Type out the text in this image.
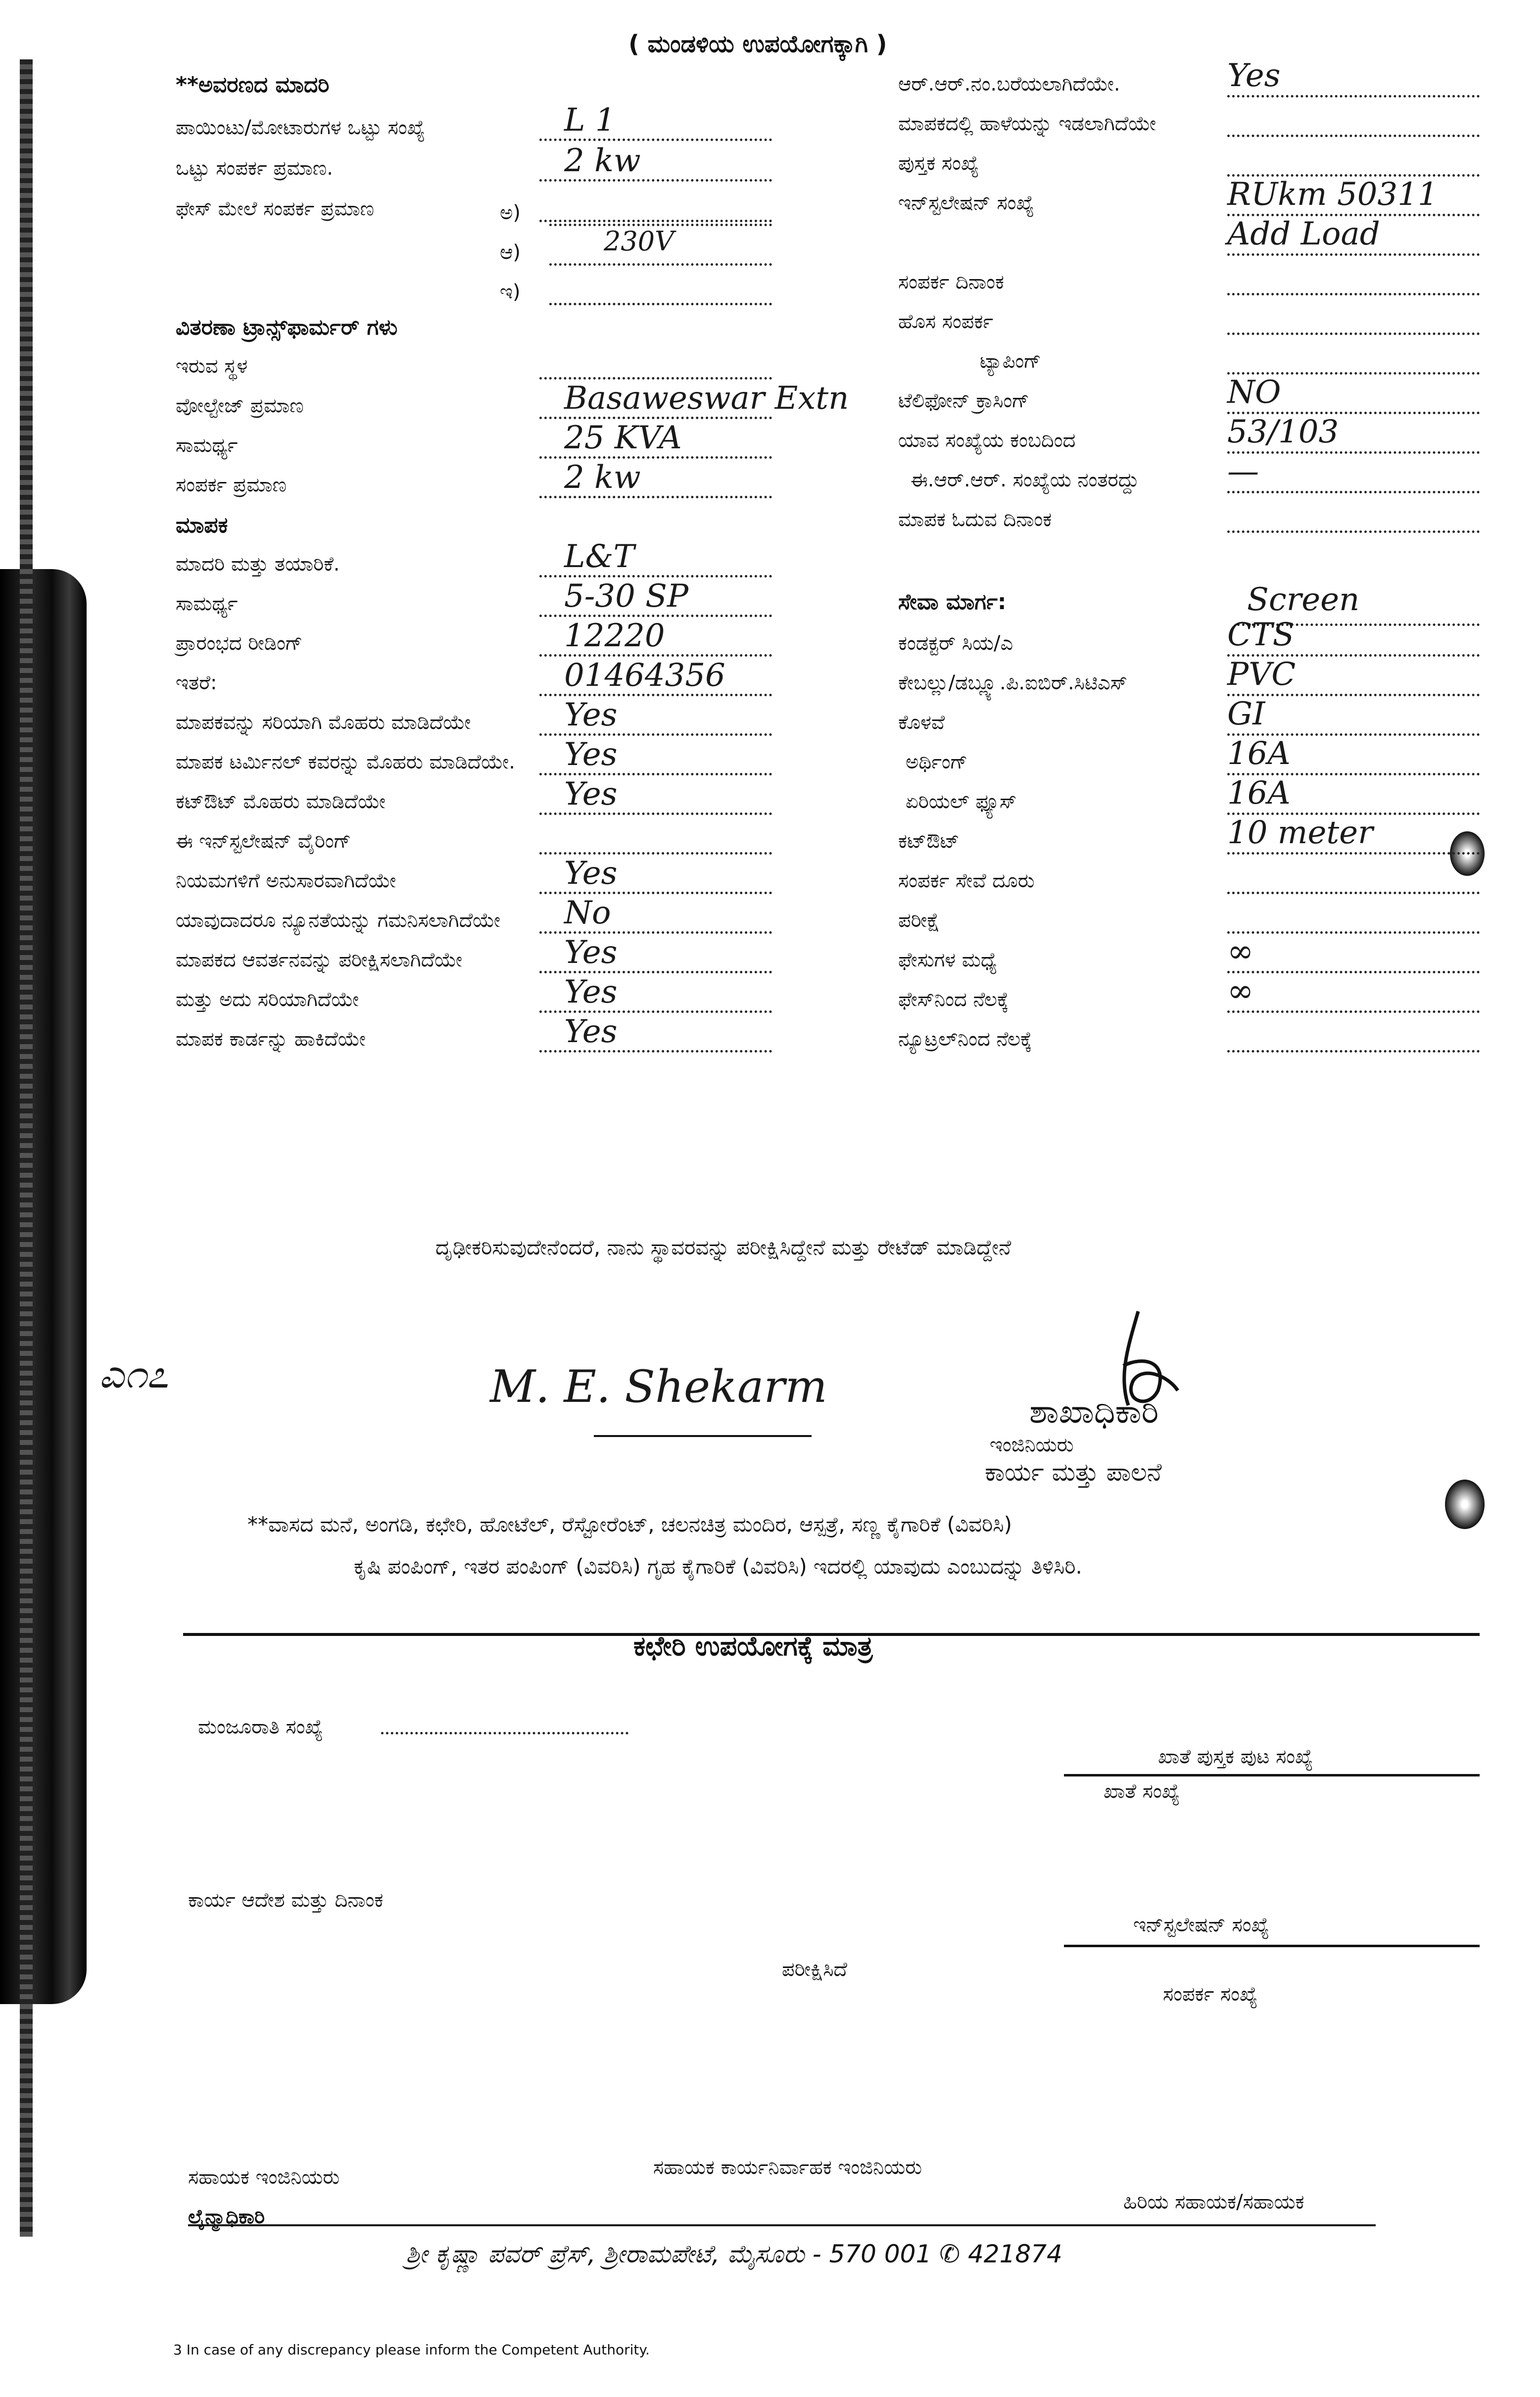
( ಮಂಡಳಿಯ ಉಪಯೋಗಕ್ಕಾಗಿ )
**ಅವರಣದ ಮಾದರಿ
ವಿತರಣಾ ಟ್ರಾನ್ಸ್‌ಫಾರ್ಮ‌ರ್ ಗಳು
ಮಾಪಕ
ಸೇವಾ ಮಾರ್ಗ:	Screen
ದೃಢೀಕರಿಸುವುದೇನೆಂದರೆ, ನಾನು ಸ್ಥಾವರವನ್ನು ಪರೀಕ್ಷಿಸಿದ್ದೇನೆ ಮತ್ತು ರೇಟೆಡ್ ಮಾಡಿದ್ದೇನೆ
ಎ೧೭	M. E. Shekarm	ಶಾಖಾಧಿಕಾರಿ
ಇಂಜಿನಿಯರು
ಕಾರ್ಯ ಮತ್ತು ಪಾಲನೆ
**ವಾಸದ ಮನೆ, ಅಂಗಡಿ, ಕಛೇರಿ, ಹೋಟೆಲ್, ರೆಸ್ಟೋರೆಂಟ್, ಚಲನಚಿತ್ರ ಮಂದಿರ, ಆಸ್ಪತ್ರೆ, ಸಣ್ಣ ಕೈಗಾರಿಕೆ (ವಿವರಿಸಿ)
ಕೃಷಿ ಪಂಪಿಂಗ್, ಇತರ ಪಂಪಿಂಗ್ (ವಿವರಿಸಿ) ಗೃಹ ಕೈಗಾರಿಕೆ (ವಿವರಿಸಿ) ಇದರಲ್ಲಿ ಯಾವುದು ಎಂಬುದನ್ನು ತಿಳಿಸಿರಿ.
ಕಛೇರಿ ಉಪಯೋಗಕ್ಕೆ ಮಾತ್ರ
ಮಂಜೂರಾತಿ ಸಂಖ್ಯೆ
ಖಾತೆ ಪುಸ್ತಕ ಪುಟ ಸಂಖ್ಯೆ
ಖಾತೆ ಸಂಖ್ಯೆ
ಕಾರ್ಯ ಆದೇಶ ಮತ್ತು ದಿನಾಂಕ
ಇನ್‌ಸ್ಟಲೇಷನ್ ಸಂಖ್ಯೆ
ಪರೀಕ್ಷಿಸಿದೆ
ಸಂಪರ್ಕ ಸಂಖ್ಯೆ
ಸಹಾಯಕ ಕಾರ್ಯನಿರ್ವಾಹಕ ಇಂಜಿನಿಯರು
ಸಹಾಯಕ ಇಂಜಿನಿಯರು
ಹಿರಿಯ ಸಹಾಯಕ/ಸಹಾಯಕ
ಲೈನ್ಮಾಧಿಕಾರಿ
ಶ್ರೀ ಕೃಷ್ಣಾ ಪವರ್ ಪ್ರೆಸ್, ಶ್ರೀರಾಮಪೇಟೆ, ಮೈಸೂರು - 570 001 ✆ 421874
3 In case of any discrepancy please inform the Competent Authority.
ಪಾಯಿಂಟು/ಮೋಟಾರುಗಳ ಒಟ್ಟು ಸಂಖ್ಯೆ	L 1
ಒಟ್ಟು ಸಂಪರ್ಕ ಪ್ರಮಾಣ.	2 kw
ಫೇಸ್ ಮೇಲೆ ಸಂಪರ್ಕ ಪ್ರಮಾಣ	ಅ)
ಆ)	230V
ಇ)
ಇರುವ ಸ್ಥಳ
ವೋಲ್ಟೇಜ್ ಪ್ರಮಾಣ	Basaweswar Extn
ಸಾಮರ್ಥ್ಯ	25 KVA
ಸಂಪರ್ಕ ಪ್ರಮಾಣ	2 kw
ಮಾದರಿ ಮತ್ತು ತಯಾರಿಕೆ.	L&T
ಸಾಮರ್ಥ್ಯ	5-30 SP
ಪ್ರಾರಂಭದ ರೀಡಿಂಗ್	12220
ಇತರೆ:	01464356
ಮಾಪಕವನ್ನು ಸರಿಯಾಗಿ ಮೊಹರು ಮಾಡಿದೆಯೇ	Yes
ಮಾಪಕ ಟರ್ಮಿನಲ್ ಕವರನ್ನು ಮೊಹರು ಮಾಡಿದೆಯೇ. Yes
ಕಟ್‌ಔಟ್ ಮೊಹರು ಮಾಡಿದೆಯೇ	Yes
ಈ ಇನ್‌ಸ್ಟಲೇಷನ್ ವೈರಿಂಗ್
ನಿಯಮಗಳಿಗೆ ಅನುಸಾರವಾಗಿದೆಯೇ	Yes
ಯಾವುದಾದರೂ ನ್ಯೂನತೆಯನ್ನು ಗಮನಿಸಲಾಗಿದೆಯೇ No
ಮಾಪಕದ ಆವರ್ತನವನ್ನು ಪರೀಕ್ಷಿಸಲಾಗಿದೆಯೇ	Yes
ಮತ್ತು ಅದು ಸರಿಯಾಗಿದೆಯೇ	Yes
ಮಾಪಕ ಕಾರ್ಡನ್ನು ಹಾಕಿದೆಯೇ	Yes
ಆರ್.ಆರ್.ನಂ.ಬರೆಯಲಾಗಿದೆಯೇ.	Yes
ಮಾಪಕದಲ್ಲಿ ಹಾಳೆಯನ್ನು ಇಡಲಾಗಿದೆಯೇ
ಪುಸ್ತಕ ಸಂಖ್ಯೆ
ಇನ್‌ಸ್ಟಲೇಷನ್ ಸಂಖ್ಯೆ	RUkm 50311
Add Load
ಸಂಪರ್ಕ ದಿನಾಂಕ
ಹೊಸ ಸಂಪರ್ಕ
ಟ್ಯಾಪಿಂಗ್
ಟೆಲಿಫೋನ್ ಕ್ರಾಸಿಂಗ್	NO
ಯಾವ ಸಂಖ್ಯೆಯ ಕಂಬದಿಂದ	53/103
ಈ.ಆರ್.ಆರ್. ಸಂಖ್ಯೆಯ ನಂತರದ್ದು	—
ಮಾಪಕ ಓದುವ ದಿನಾಂಕ
ಕಂಡಕ್ಟರ್ ಸಿಯ/ಎ	CTS
ಕೇಬಲ್ಲು/ಡಬ್ಲ್ಯೂ.ಪಿ.ಐಬಿ‌ರ್.ಸಿಟಿಎಸ್	PVC
ಕೊಳವೆ	GI
ಅರ್ಥಿಂಗ್	16A
ಏರಿಯಲ್ ಫ್ಯೂಸ್	16A
ಕಟ್‌ಔಟ್	10 meter
ಸಂಪರ್ಕ ಸೇವೆ ದೂರು
ಪರೀಕ್ಷೆ
ಫೇಸುಗಳ ಮಧ್ಯೆ	∞
ಫೇಸ್‌ನಿಂದ ನೆಲಕ್ಕೆ	∞
ನ್ಯೂಟ್ರಲ್‌ನಿಂದ ನೆಲಕ್ಕೆ
